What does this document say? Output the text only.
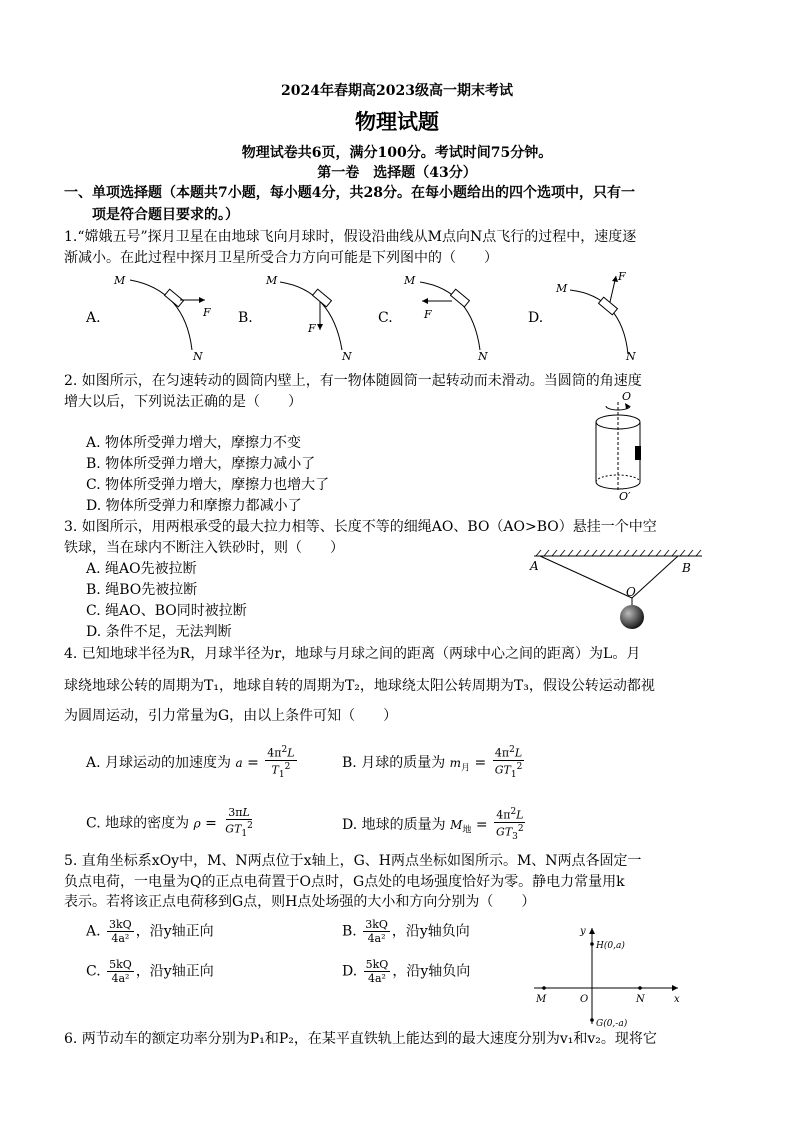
2024年春期高2023级高一期末考试
物理试题
物理试卷共6页，满分100分。考试时间75分钟。
第一卷　选择题（43分）
一、单项选择题（本题共7小题，每小题4分，共28分。在每小题给出的四个选项中，只有一
项是符合题目要求的。）
1.“嫦娥五号”探月卫星在由地球飞向月球时，假设沿曲线从M点向N点飞行的过程中，速度逐
渐减小。在此过程中探月卫星所受合力方向可能是下列图中的（　　）
A.	B.	C.	D.
M
F
N
M
F
N
M
F
N
M
F
N
2. 如图所示，在匀速转动的圆筒内壁上，有一物体随圆筒一起转动而未滑动。当圆筒的角速度
增大以后，下列说法正确的是（　　）
A. 物体所受弹力增大，摩擦力不变
B. 物体所受弹力增大，摩擦力减小了
C. 物体所受弹力增大，摩擦力也增大了
D. 物体所受弹力和摩擦力都减小了
O
O′
3. 如图所示，用两根承受的最大拉力相等、长度不等的细绳AO、BO（AO>BO）悬挂一个中空
铁球，当在球内不断注入铁砂时，则（　　）
A. 绳AO先被拉断
B. 绳BO先被拉断
C. 绳AO、BO同时被拉断
D. 条件不足，无法判断
A	B
O
4. 已知地球半径为R，月球半径为r，地球与月球之间的距离（两球中心之间的距离）为L。月
球绕地球公转的周期为T₁，地球自转的周期为T₂，地球绕太阳公转周期为T₃，假设公转运动都视
为圆周运动，引力常量为G，由以上条件可知（　　）
A. 月球运动的加速度为 $a = \frac{4\pi^2L}{T_1^2}$	B. 月球的质量为 $m_月 = \frac{4\pi^2L}{GT_1^2}$
C. 地球的密度为 $\rho = \frac{3\pi L}{GT_1^2}$	D. 地球的质量为 $M_地 = \frac{4\pi^2L}{GT_3^2}$
5. 直角坐标系xOy中，M、N两点位于x轴上，G、H两点坐标如图所示。M、N两点各固定一
负点电荷，一电量为Q的正点电荷置于O点时，G点处的电场强度恰好为零。静电力常量用k
表示。若将该正点电荷移到G点，则H点处场强的大小和方向分别为（　　）
A. $\frac{3kQ}{\text{4a²}}$ ，沿y轴正向	B. $\frac{3kQ}{\text{4a²}}$ ，沿y轴负向
C. $\frac{5kQ}{\text{4a²}}$ ，沿y轴正向	D. $\frac{5kQ}{\text{4a²}}$ ，沿y轴负向
y
x
H(0,a)
G(0,-a)
M	O	N
6. 两节动车的额定功率分别为P₁和P₂，在某平直铁轨上能达到的最大速度分别为v₁和v₂。现将它
